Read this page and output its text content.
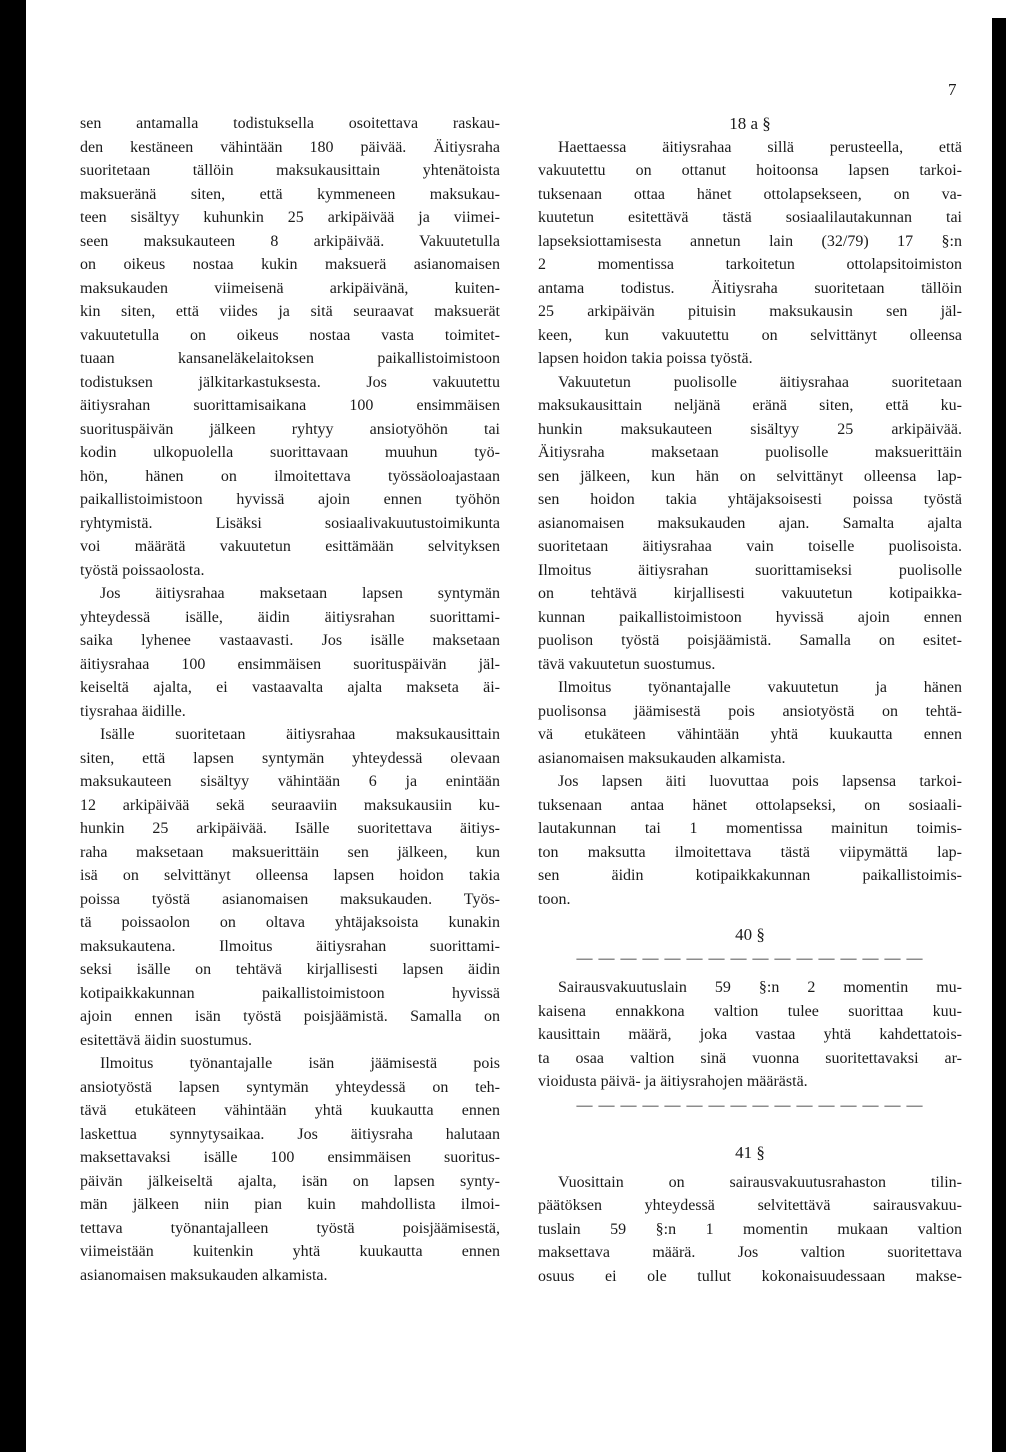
7
sen antamalla todistuksella osoitettava raskau-
den kestäneen vähintään 180 päivää. Äitiysraha
suoritetaan tällöin maksukausittain yhtenätoista
maksueränä siten, että kymmeneen maksukau-
teen sisältyy kuhunkin 25 arkipäivää ja viimei-
seen maksukauteen 8 arkipäivää. Vakuutetulla
on oikeus nostaa kukin maksuerä asianomaisen
maksukauden viimeisenä arkipäivänä, kuiten-
kin siten, että viides ja sitä seuraavat maksuerät
vakuutetulla on oikeus nostaa vasta toimitet-
tuaan kansaneläkelaitoksen paikallistoimistoon
todistuksen jälkitarkastuksesta. Jos vakuutettu
äitiysrahan suorittamisaikana 100 ensimmäisen
suorituspäivän jälkeen ryhtyy ansiotyöhön tai
kodin ulkopuolella suorittavaan muuhun työ-
hön, hänen on ilmoitettava työssäoloajastaan
paikallistoimistoon hyvissä ajoin ennen työhön
ryhtymistä. Lisäksi sosiaalivakuutustoimikunta
voi määrätä vakuutetun esittämään selvityksen
työstä poissaolosta.
Jos äitiysrahaa maksetaan lapsen syntymän
yhteydessä isälle, äidin äitiysrahan suorittami-
saika lyhenee vastaavasti. Jos isälle maksetaan
äitiysrahaa 100 ensimmäisen suorituspäivän jäl-
keiseltä ajalta, ei vastaavalta ajalta makseta äi-
tiysrahaa äidille.
Isälle suoritetaan äitiysrahaa maksukausittain
siten, että lapsen syntymän yhteydessä olevaan
maksukauteen sisältyy vähintään 6 ja enintään
12 arkipäivää sekä seuraaviin maksukausiin ku-
hunkin 25 arkipäivää. Isälle suoritettava äitiys-
raha maksetaan maksuerittäin sen jälkeen, kun
isä on selvittänyt olleensa lapsen hoidon takia
poissa työstä asianomaisen maksukauden. Työs-
tä poissaolon on oltava yhtäjaksoista kunakin
maksukautena. Ilmoitus äitiysrahan suorittami-
seksi isälle on tehtävä kirjallisesti lapsen äidin
kotipaikkakunnan paikallistoimistoon hyvissä
ajoin ennen isän työstä poisjäämistä. Samalla on
esitettävä äidin suostumus.
Ilmoitus työnantajalle isän jäämisestä pois
ansiotyöstä lapsen syntymän yhteydessä on teh-
tävä etukäteen vähintään yhtä kuukautta ennen
laskettua synnytysaikaa. Jos äitiysraha halutaan
maksettavaksi isälle 100 ensimmäisen suoritus-
päivän jälkeiseltä ajalta, isän on lapsen synty-
män jälkeen niin pian kuin mahdollista ilmoi-
tettava työnantajalleen työstä poisjäämisestä,
viimeistään kuitenkin yhtä kuukautta ennen
asianomaisen maksukauden alkamista.
18 a §
Haettaessa äitiysrahaa sillä perusteella, että
vakuutettu on ottanut hoitoonsa lapsen tarkoi-
tuksenaan ottaa hänet ottolapsekseen, on va-
kuutetun esitettävä tästä sosiaalilautakunnan tai
lapseksiottamisesta annetun lain (32/79) 17 §:n
2 momentissa tarkoitetun ottolapsitoimiston
antama todistus. Äitiysraha suoritetaan tällöin
25 arkipäivän pituisin maksukausin sen jäl-
keen, kun vakuutettu on selvittänyt olleensa
lapsen hoidon takia poissa työstä.
Vakuutetun puolisolle äitiysrahaa suoritetaan
maksukausittain neljänä eränä siten, että ku-
hunkin maksukauteen sisältyy 25 arkipäivää.
Äitiysraha maksetaan puolisolle maksuerittäin
sen jälkeen, kun hän on selvittänyt olleensa lap-
sen hoidon takia yhtäjaksoisesti poissa työstä
asianomaisen maksukauden ajan. Samalta ajalta
suoritetaan äitiysrahaa vain toiselle puolisoista.
Ilmoitus äitiysrahan suorittamiseksi puolisolle
on tehtävä kirjallisesti vakuutetun kotipaikka-
kunnan paikallistoimistoon hyvissä ajoin ennen
puolison työstä poisjäämistä. Samalla on esitet-
tävä vakuutetun suostumus.
Ilmoitus työnantajalle vakuutetun ja hänen
puolisonsa jäämisestä pois ansiotyöstä on tehtä-
vä etukäteen vähintään yhtä kuukautta ennen
asianomaisen maksukauden alkamista.
Jos lapsen äiti luovuttaa pois lapsensa tarkoi-
tuksenaan antaa hänet ottolapseksi, on sosiaali-
lautakunnan tai 1 momentissa mainitun toimis-
ton maksutta ilmoitettava tästä viipymättä lap-
sen äidin kotipaikkakunnan paikallistoimis-
toon.
40 §
— — — — — — — — — — — — — — — —
Sairausvakuutuslain 59 §:n 2 momentin mu-
kaisena ennakkona valtion tulee suorittaa kuu-
kausittain määrä, joka vastaa yhtä kahdettatois-
ta osaa valtion sinä vuonna suoritettavaksi ar-
vioidusta päivä- ja äitiysrahojen määrästä.
— — — — — — — — — — — — — — — —
41 §
Vuosittain on sairausvakuutusrahaston tilin-
päätöksen yhteydessä selvitettävä sairausvakuu-
tuslain 59 §:n 1 momentin mukaan valtion
maksettava määrä. Jos valtion suoritettava
osuus ei ole tullut kokonaisuudessaan makse-
